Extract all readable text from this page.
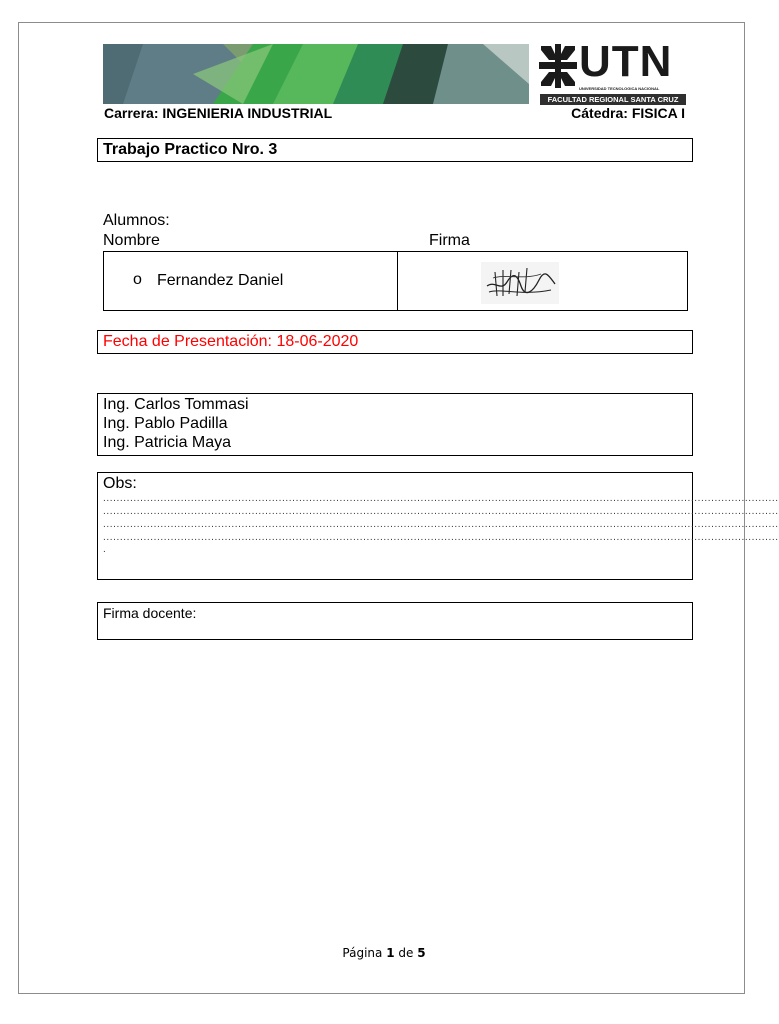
UTN
UNIVERSIDAD TECNOLOGICA NACIONAL
FACULTAD REGIONAL SANTA CRUZ
Carrera: INGENIERIA INDUSTRIAL	Cátedra: FISICA I
Trabajo Practico Nro. 3
Alumnos:
Nombre	Firma
o Fernandez Daniel
Fecha de Presentación: 18-06-2020
Ing. Carlos Tommasi
Ing. Pablo Padilla
Ing. Patricia Maya
Obs:
........................................................................................................................................................................................................
........................................................................................................................................................................................................
........................................................................................................................................................................................................
........................................................................................................................................................................................................
.
Firma docente:
Página 1 de 5
